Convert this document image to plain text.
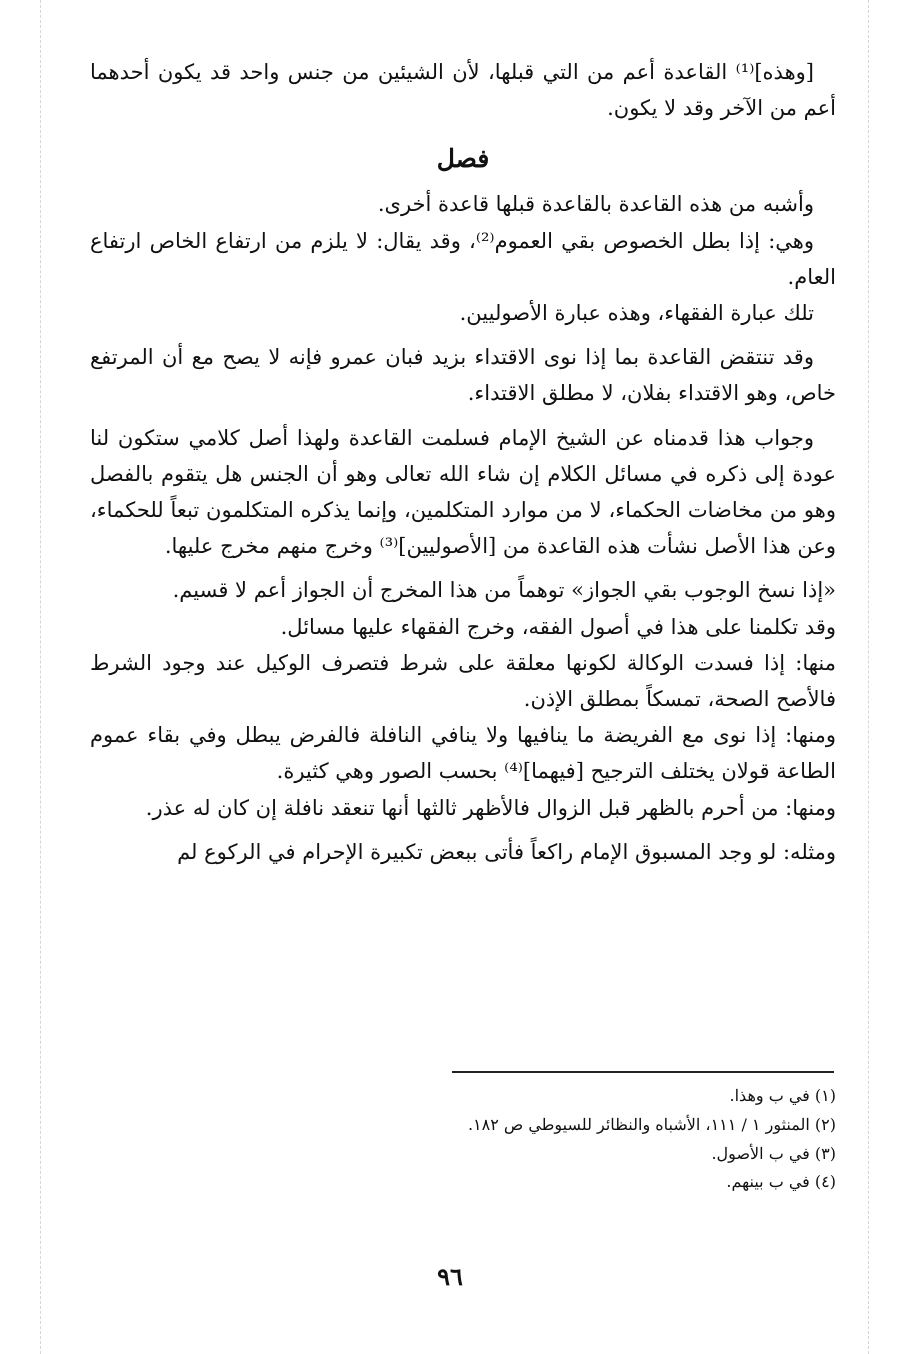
[وهذه]⁽¹⁾ القاعدة أعم من التي قبلها، لأن الشيئين من جنس واحد قد يكون أحدهما أعم من الآخر وقد لا يكون.

فصل

وأشبه من هذه القاعدة بالقاعدة قبلها قاعدة أخرى.

وهي: إذا بطل الخصوص بقي العموم⁽²⁾، وقد يقال: لا يلزم من ارتفاع الخاص ارتفاع العام.

تلك عبارة الفقهاء، وهذه عبارة الأصوليين.

وقد تنتقض القاعدة بما إذا نوى الاقتداء بزيد فبان عمرو فإنه لا يصح مع أن المرتفع خاص، وهو الاقتداء بفلان، لا مطلق الاقتداء.

وجواب هذا قدمناه عن الشيخ الإمام فسلمت القاعدة ولهذا أصل كلامي ستكون لنا عودة إلى ذكره في مسائل الكلام إن شاء الله تعالى وهو أن الجنس هل يتقوم بالفصل وهو من مخاضات الحكماء، لا من موارد المتكلمين، وإنما يذكره المتكلمون تبعاً للحكماء، وعن هذا الأصل نشأت هذه القاعدة من [الأصوليين]⁽³⁾ وخرج منهم مخرج عليها.

«إذا نسخ الوجوب بقي الجواز» توهماً من هذا المخرج أن الجواز أعم لا قسيم.

وقد تكلمنا على هذا في أصول الفقه، وخرج الفقهاء عليها مسائل.

منها: إذا فسدت الوكالة لكونها معلقة على شرط فتصرف الوكيل عند وجود الشرط فالأصح الصحة، تمسكاً بمطلق الإذن.

ومنها: إذا نوى مع الفريضة ما ينافيها ولا ينافي النافلة فالفرض يبطل وفي بقاء عموم الطاعة قولان يختلف الترجيح [فيهما]⁽⁴⁾ بحسب الصور وهي كثيرة.

ومنها: من أحرم بالظهر قبل الزوال فالأظهر ثالثها أنها تنعقد نافلة إن كان له عذر.

ومثله: لو وجد المسبوق الإمام راكعاً فأتى ببعض تكبيرة الإحرام في الركوع لم

(١) في ب وهذا.

(٢) المنثور ١ / ١١١، الأشباه والنظائر للسيوطي ص ١٨٢.

(٣) في ب الأصول.

(٤) في ب بينهم.

٩٦
